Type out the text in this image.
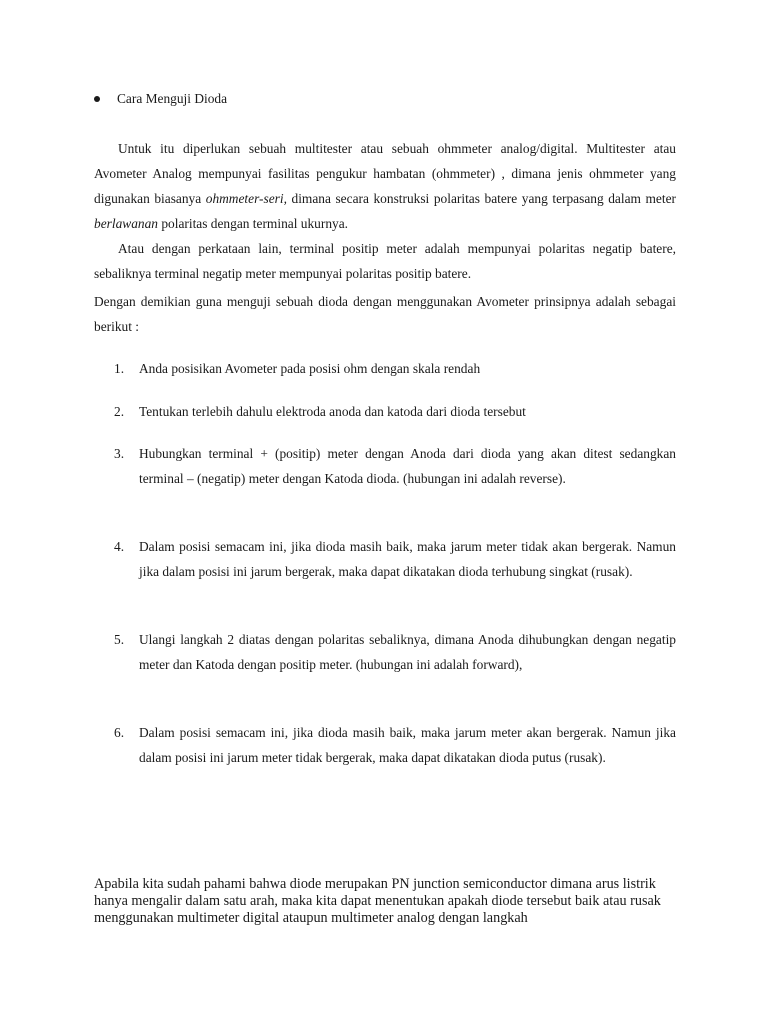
Cara Menguji Dioda

Untuk itu diperlukan sebuah multitester atau sebuah ohmmeter analog/digital. Multitester atau Avometer Analog mempunyai fasilitas pengukur hambatan (ohmmeter) , dimana jenis ohmmeter yang digunakan biasanya ohmmeter-seri, dimana secara konstruksi polaritas batere yang terpasang dalam meter berlawanan polaritas dengan terminal ukurnya.

Atau dengan perkataan lain, terminal positip meter adalah mempunyai polaritas negatip batere, sebaliknya terminal negatip meter mempunyai polaritas positip batere.

Dengan demikian guna menguji sebuah dioda dengan menggunakan Avometer prinsipnya adalah sebagai berikut :

1. Anda posisikan Avometer pada posisi ohm dengan skala rendah
2. Tentukan terlebih dahulu elektroda anoda dan katoda dari dioda tersebut
3. Hubungkan terminal + (positip) meter dengan Anoda dari dioda yang akan ditest sedangkan terminal – (negatip) meter dengan Katoda dioda. (hubungan ini adalah reverse).
4. Dalam posisi semacam ini, jika dioda masih baik, maka jarum meter tidak akan bergerak. Namun jika dalam posisi ini jarum bergerak, maka dapat dikatakan dioda terhubung singkat (rusak).
5. Ulangi langkah 2 diatas dengan polaritas sebaliknya, dimana Anoda dihubungkan dengan negatip meter dan Katoda dengan positip meter. (hubungan ini adalah forward),
6. Dalam posisi semacam ini, jika dioda masih baik, maka jarum meter akan bergerak. Namun jika dalam posisi ini jarum meter tidak bergerak, maka dapat dikatakan dioda putus (rusak).

Apabila kita sudah pahami bahwa diode merupakan PN junction semiconductor dimana arus listrik hanya mengalir dalam satu arah, maka kita dapat menentukan apakah diode tersebut baik atau rusak menggunakan multimeter digital ataupun multimeter analog dengan langkah
